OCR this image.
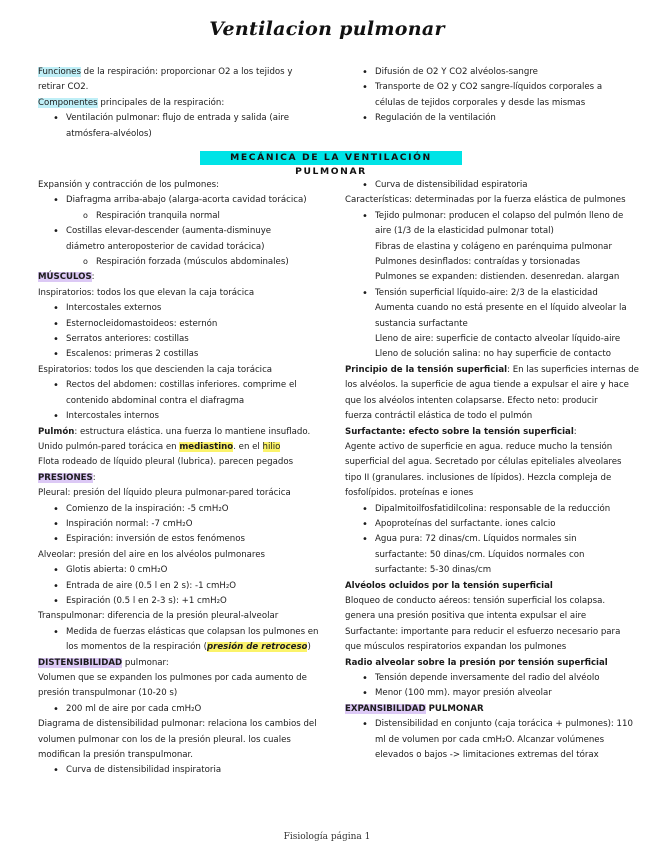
Ventilacion pulmonar
Funciones de la respiración: proporcionar O2 a los tejidos y
retirar CO2.
Componentes principales de la respiración:
• Ventilación pulmonar: flujo de entrada y salida (aire
atmósfera-alvéolos)
• Difusión de O2 Y CO2 alvéolos-sangre
• Transporte de O2 y CO2 sangre-líquidos corporales a
células de tejidos corporales y desde las mismas
• Regulación de la ventilación
MECÁNICA DE LA VENTILACIÓN PULMONAR
Expansión y contracción de los pulmones:
• Diafragma arriba-abajo (alarga-acorta cavidad torácica)
o Respiración tranquila normal
• Costillas elevar-descender (aumenta-disminuye
diámetro anteroposterior de cavidad torácica)
o Respiración forzada (músculos abdominales)
MÚSCULOS:
Inspiratorios: todos los que elevan la caja torácica
• Intercostales externos
• Esternocleidomastoideos: esternón
• Serratos anteriores: costillas
• Escalenos: primeras 2 costillas
Espiratorios: todos los que descienden la caja torácica
• Rectos del abdomen: costillas inferiores. comprime el
contenido abdominal contra el diafragma
• Intercostales internos
Pulmón: estructura elástica. una fuerza lo mantiene insuflado.
Unido pulmón-pared torácica en mediastino. en el hilio
Flota rodeado de líquido pleural (lubrica). parecen pegados
PRESIONES:
Pleural: presión del líquido pleura pulmonar-pared torácica
• Comienzo de la inspiración: -5 cmH₂O
• Inspiración normal: -7 cmH₂O
• Espiración: inversión de estos fenómenos
Alveolar: presión del aire en los alvéolos pulmonares
• Glotis abierta: 0 cmH₂O
• Entrada de aire (0.5 l en 2 s): -1 cmH₂O
• Espiración (0.5 l en 2-3 s): +1 cmH₂O
Transpulmonar: diferencia de la presión pleural-alveolar
• Medida de fuerzas elásticas que colapsan los pulmones en
los momentos de la respiración (presión de retroceso)
DISTENSIBILIDAD pulmonar:
Volumen que se expanden los pulmones por cada aumento de
presión transpulmonar (10-20 s)
• 200 ml de aire por cada cmH₂O
Diagrama de distensibilidad pulmonar: relaciona los cambios del
volumen pulmonar con los de la presión pleural. los cuales
modifican la presión transpulmonar.
• Curva de distensibilidad inspiratoria
• Curva de distensibilidad espiratoria
Características: determinadas por la fuerza elástica de pulmones
• Tejido pulmonar: producen el colapso del pulmón lleno de
aire (1/3 de la elasticidad pulmonar total)
Fibras de elastina y colágeno en parénquima pulmonar
Pulmones desinflados: contraídas y torsionadas
Pulmones se expanden: distienden. desenredan. alargan
• Tensión superficial líquido-aire: 2/3 de la elasticidad
Aumenta cuando no está presente en el líquido alveolar la
sustancia surfactante
Lleno de aire: superficie de contacto alveolar líquido-aire
Lleno de solución salina: no hay superficie de contacto
Principio de la tensión superficial: En las superficies internas de
los alvéolos. la superficie de agua tiende a expulsar el aire y hace
que los alvéolos intenten colapsarse. Efecto neto: producir
fuerza contráctil elástica de todo el pulmón
Surfactante: efecto sobre la tensión superficial:
Agente activo de superficie en agua. reduce mucho la tensión
superficial del agua. Secretado por células epiteliales alveolares
tipo II (granulares. inclusiones de lípidos). Hezcla compleja de
fosfolípidos. proteínas e iones
• Dipalmitoilfosfatidilcolina: responsable de la reducción
• Apoproteínas del surfactante. iones calcio
• Agua pura: 72 dinas/cm. Líquidos normales sin
surfactante: 50 dinas/cm. Líquidos normales con
surfactante: 5-30 dinas/cm
Alvéolos ocluidos por la tensión superficial
Bloqueo de conducto aéreos: tensión superficial los colapsa.
genera una presión positiva que intenta expulsar el aire
Surfactante: importante para reducir el esfuerzo necesario para
que músculos respiratorios expandan los pulmones
Radio alveolar sobre la presión por tensión superficial
• Tensión depende inversamente del radio del alvéolo
• Menor (100 mm). mayor presión alveolar
EXPANSIBILIDAD PULMONAR
• Distensibilidad en conjunto (caja torácica + pulmones): 110
ml de volumen por cada cmH₂O. Alcanzar volúmenes
elevados o bajos -> limitaciones extremas del tórax
Fisiología página 1
